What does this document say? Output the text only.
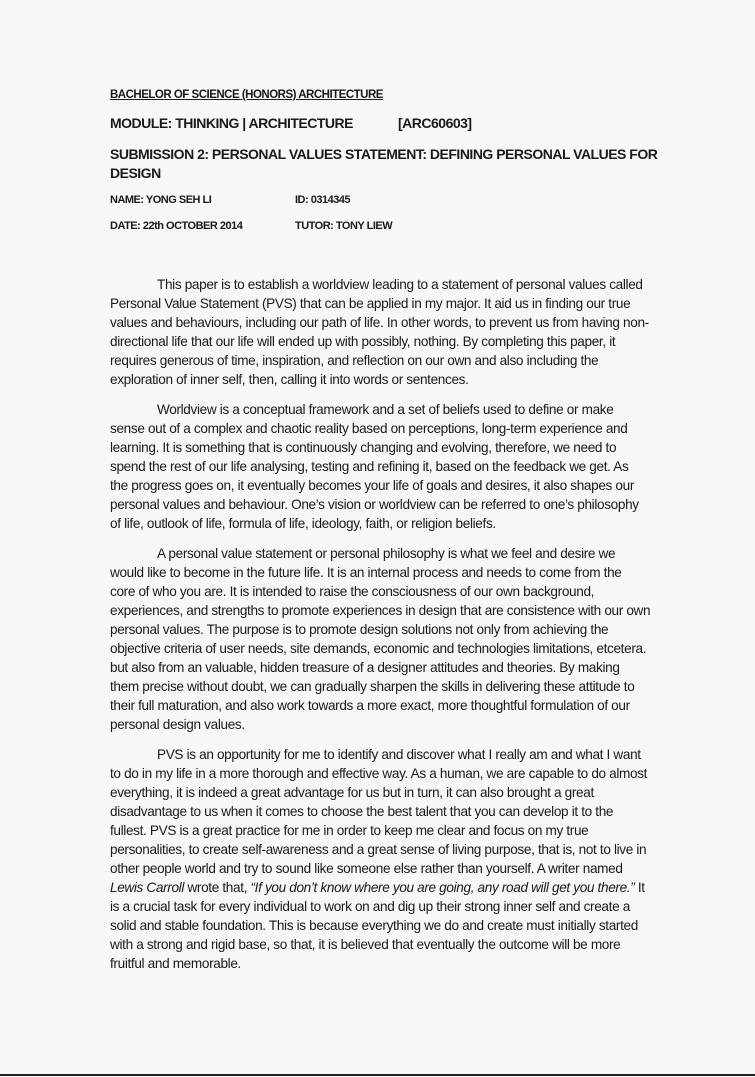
BACHELOR OF SCIENCE (HONORS) ARCHITECTURE
MODULE: THINKING | ARCHITECTURE	[ARC60603]
SUBMISSION 2: PERSONAL VALUES STATEMENT: DEFINING PERSONAL VALUES FOR DESIGN
NAME: YONG SEH LI	ID: 0314345
DATE: 22th OCTOBER 2014	TUTOR: TONY LIEW
This paper is to establish a worldview leading to a statement of personal values called
Personal Value Statement (PVS) that can be applied in my major. It aid us in finding our true
values and behaviours, including our path of life. In other words, to prevent us from having non-
directional life that our life will ended up with possibly, nothing. By completing this paper, it
requires generous of time, inspiration, and reflection on our own and also including the
exploration of inner self, then, calling it into words or sentences.
Worldview is a conceptual framework and a set of beliefs used to define or make
sense out of a complex and chaotic reality based on perceptions, long-term experience and
learning. It is something that is continuously changing and evolving, therefore, we need to
spend the rest of our life analysing, testing and refining it, based on the feedback we get. As
the progress goes on, it eventually becomes your life of goals and desires, it also shapes our
personal values and behaviour. One’s vision or worldview can be referred to one’s philosophy
of life, outlook of life, formula of life, ideology, faith, or religion beliefs.
A personal value statement or personal philosophy is what we feel and desire we
would like to become in the future life. It is an internal process and needs to come from the
core of who you are. It is intended to raise the consciousness of our own background,
experiences, and strengths to promote experiences in design that are consistence with our own
personal values. The purpose is to promote design solutions not only from achieving the
objective criteria of user needs, site demands, economic and technologies limitations, etcetera.
but also from an valuable, hidden treasure of a designer attitudes and theories. By making
them precise without doubt, we can gradually sharpen the skills in delivering these attitude to
their full maturation, and also work towards a more exact, more thoughtful formulation of our
personal design values.
PVS is an opportunity for me to identify and discover what I really am and what I want
to do in my life in a more thorough and effective way. As a human, we are capable to do almost
everything, it is indeed a great advantage for us but in turn, it can also brought a great
disadvantage to us when it comes to choose the best talent that you can develop it to the
fullest. PVS is a great practice for me in order to keep me clear and focus on my true
personalities, to create self-awareness and a great sense of living purpose, that is, not to live in
other people world and try to sound like someone else rather than yourself. A writer named
Lewis Carroll wrote that, “If you don’t know where you are going, any road will get you there.” It
is a crucial task for every individual to work on and dig up their strong inner self and create a
solid and stable foundation. This is because everything we do and create must initially started
with a strong and rigid base, so that, it is believed that eventually the outcome will be more
fruitful and memorable.
